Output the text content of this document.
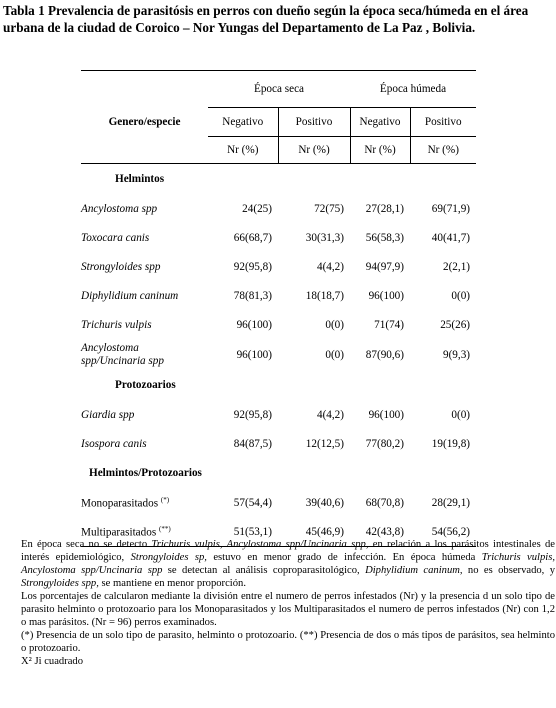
Tabla 1 Prevalencia de parasitósis en perros con dueño según la época seca/húmeda en el área urbana de la ciudad de Coroico – Nor Yungas del Departamento de La Paz , Bolivia.
	Época seca		Época húmeda	
Genero/especie	Negativo	Positivo	Negativo	Positivo
	Nr (%)	Nr (%)	Nr (%)	Nr (%)
Helmintos				
Ancylostoma spp	24(25)	72(75)	27(28,1)	69(71,9)
Toxocara canis	66(68,7)	30(31,3)	56(58,3)	40(41,7)
Strongyloides spp	92(95,8)	4(4,2)	94(97,9)	2(2,1)
Diphylidium caninum	78(81,3)	18(18,7)	96(100)	0(0)
Trichuris vulpis	96(100)	0(0)	71(74)	25(26)
Ancylostoma
spp/Uncinaria spp	96(100)	0(0)	87(90,6)	9(9,3)
Protozoarios				
Giardia spp	92(95,8)	4(4,2)	96(100)	0(0)
Isospora canis	84(87,5)	12(12,5)	77(80,2)	19(19,8)
Helmintos/Protozoarios				
Monoparasitados (*)	57(54,4)	39(40,6)	68(70,8)	28(29,1)
Multiparasitados (**)	51(53,1)	45(46,9)	42(43,8)	54(56,2)

En época seca no se detecto Trichuris vulpis, Ancylostoma spp/Uncinaria spp, en relación a los parásitos intestinales de interés epidemiológico, Strongyloides sp, estuvo en menor grado de infección. En época húmeda Trichuris vulpis, Ancylostoma spp/Uncinaria spp se detectan al análisis coproparasitológico, Diphylidium caninum, no es observado, y Strongyloides spp, se mantiene en menor proporción.

Los porcentajes de calcularon mediante la división entre el numero de perros infestados (Nr) y la presencia d un solo tipo de parasito helminto o protozoario para los Monoparasitados y los Multiparasitados el numero de perros infestados (Nr) con 1,2 o mas parásitos. (Nr = 96) perros examinados.

(*) Presencia de un solo tipo de parasito, helminto o protozoario. (**) Presencia de dos o más tipos de parásitos, sea helminto o protozoario.

X² Ji cuadrado
